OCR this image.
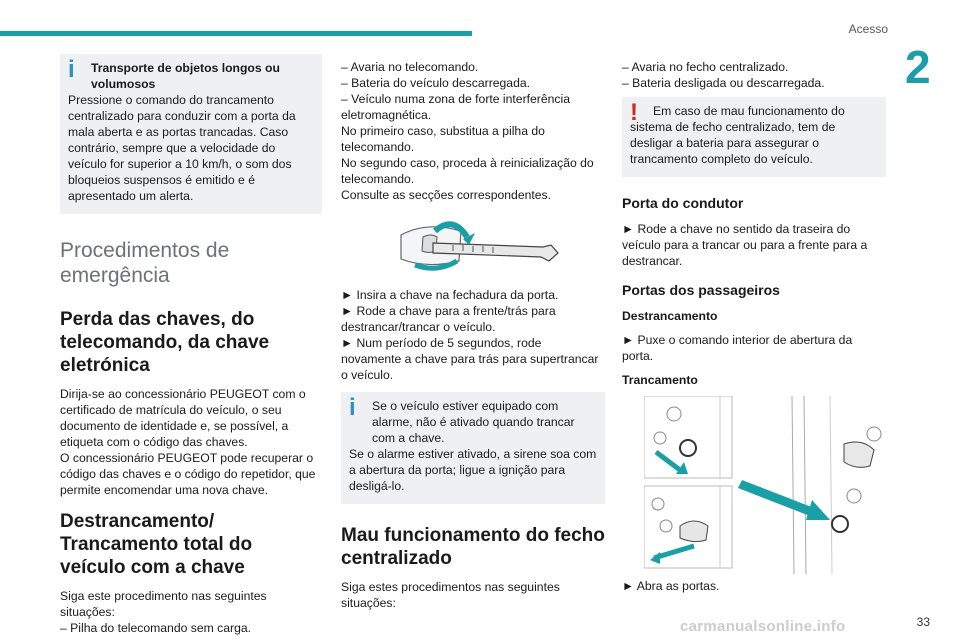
Acesso
2
i	Transporte de objetos longos ou volumosos

Pressione o comando do trancamento centralizado para conduzir com a porta da mala aberta e as portas trancadas. Caso contrário, sempre que a velocidade do veículo for superior a 10 km/h, o som dos bloqueios suspensos é emitido e é apresentado um alerta.

Procedimentos de emergência
Perda das chaves, do telecomando, da chave eletrónica

Dirija-se ao concessionário PEUGEOT com o certificado de matrícula do veículo, o seu documento de identidade e, se possível, a etiqueta com o código das chaves.

O concessionário PEUGEOT pode recuperar o código das chaves e o código do repetidor, que permite encomendar uma nova chave.

Destrancamento/ Trancamento total do veículo com a chave

Siga este procedimento nas seguintes situações:

– Pilha do telecomando sem carga.

– Avaria no telecomando.

– Bateria do veículo descarregada.

– Veículo numa zona de forte interferência eletromagnética.

No primeiro caso, substitua a pilha do telecomando.

No segundo caso, proceda à reinicialização do telecomando.

Consulte as secções correspondentes.

► Insira a chave na fechadura da porta.

► Rode a chave para a frente/trás para destrancar/trancar o veículo.

► Num período de 5 segundos, rode novamente a chave para trás para supertrancar o veículo.

i	Se o veículo estiver equipado com alarme, não é ativado quando trancar com a chave.

Se o alarme estiver ativado, a sirene soa com a abertura da porta; ligue a ignição para desligá-lo.

Mau funcionamento do fecho centralizado

Siga estes procedimentos nas seguintes situações:

– Avaria no fecho centralizado.

– Bateria desligada ou descarregada.

!	Em caso de mau funcionamento do sistema de fecho centralizado, tem de desligar a bateria para assegurar o trancamento completo do veículo.

Porta do condutor

► Rode a chave no sentido da traseira do veículo para a trancar ou para a frente para a destrancar.

Portas dos passageiros
Destrancamento

► Puxe o comando interior de abertura da porta.

Trancamento

► Abra as portas.

carmanualsonline.info	33
